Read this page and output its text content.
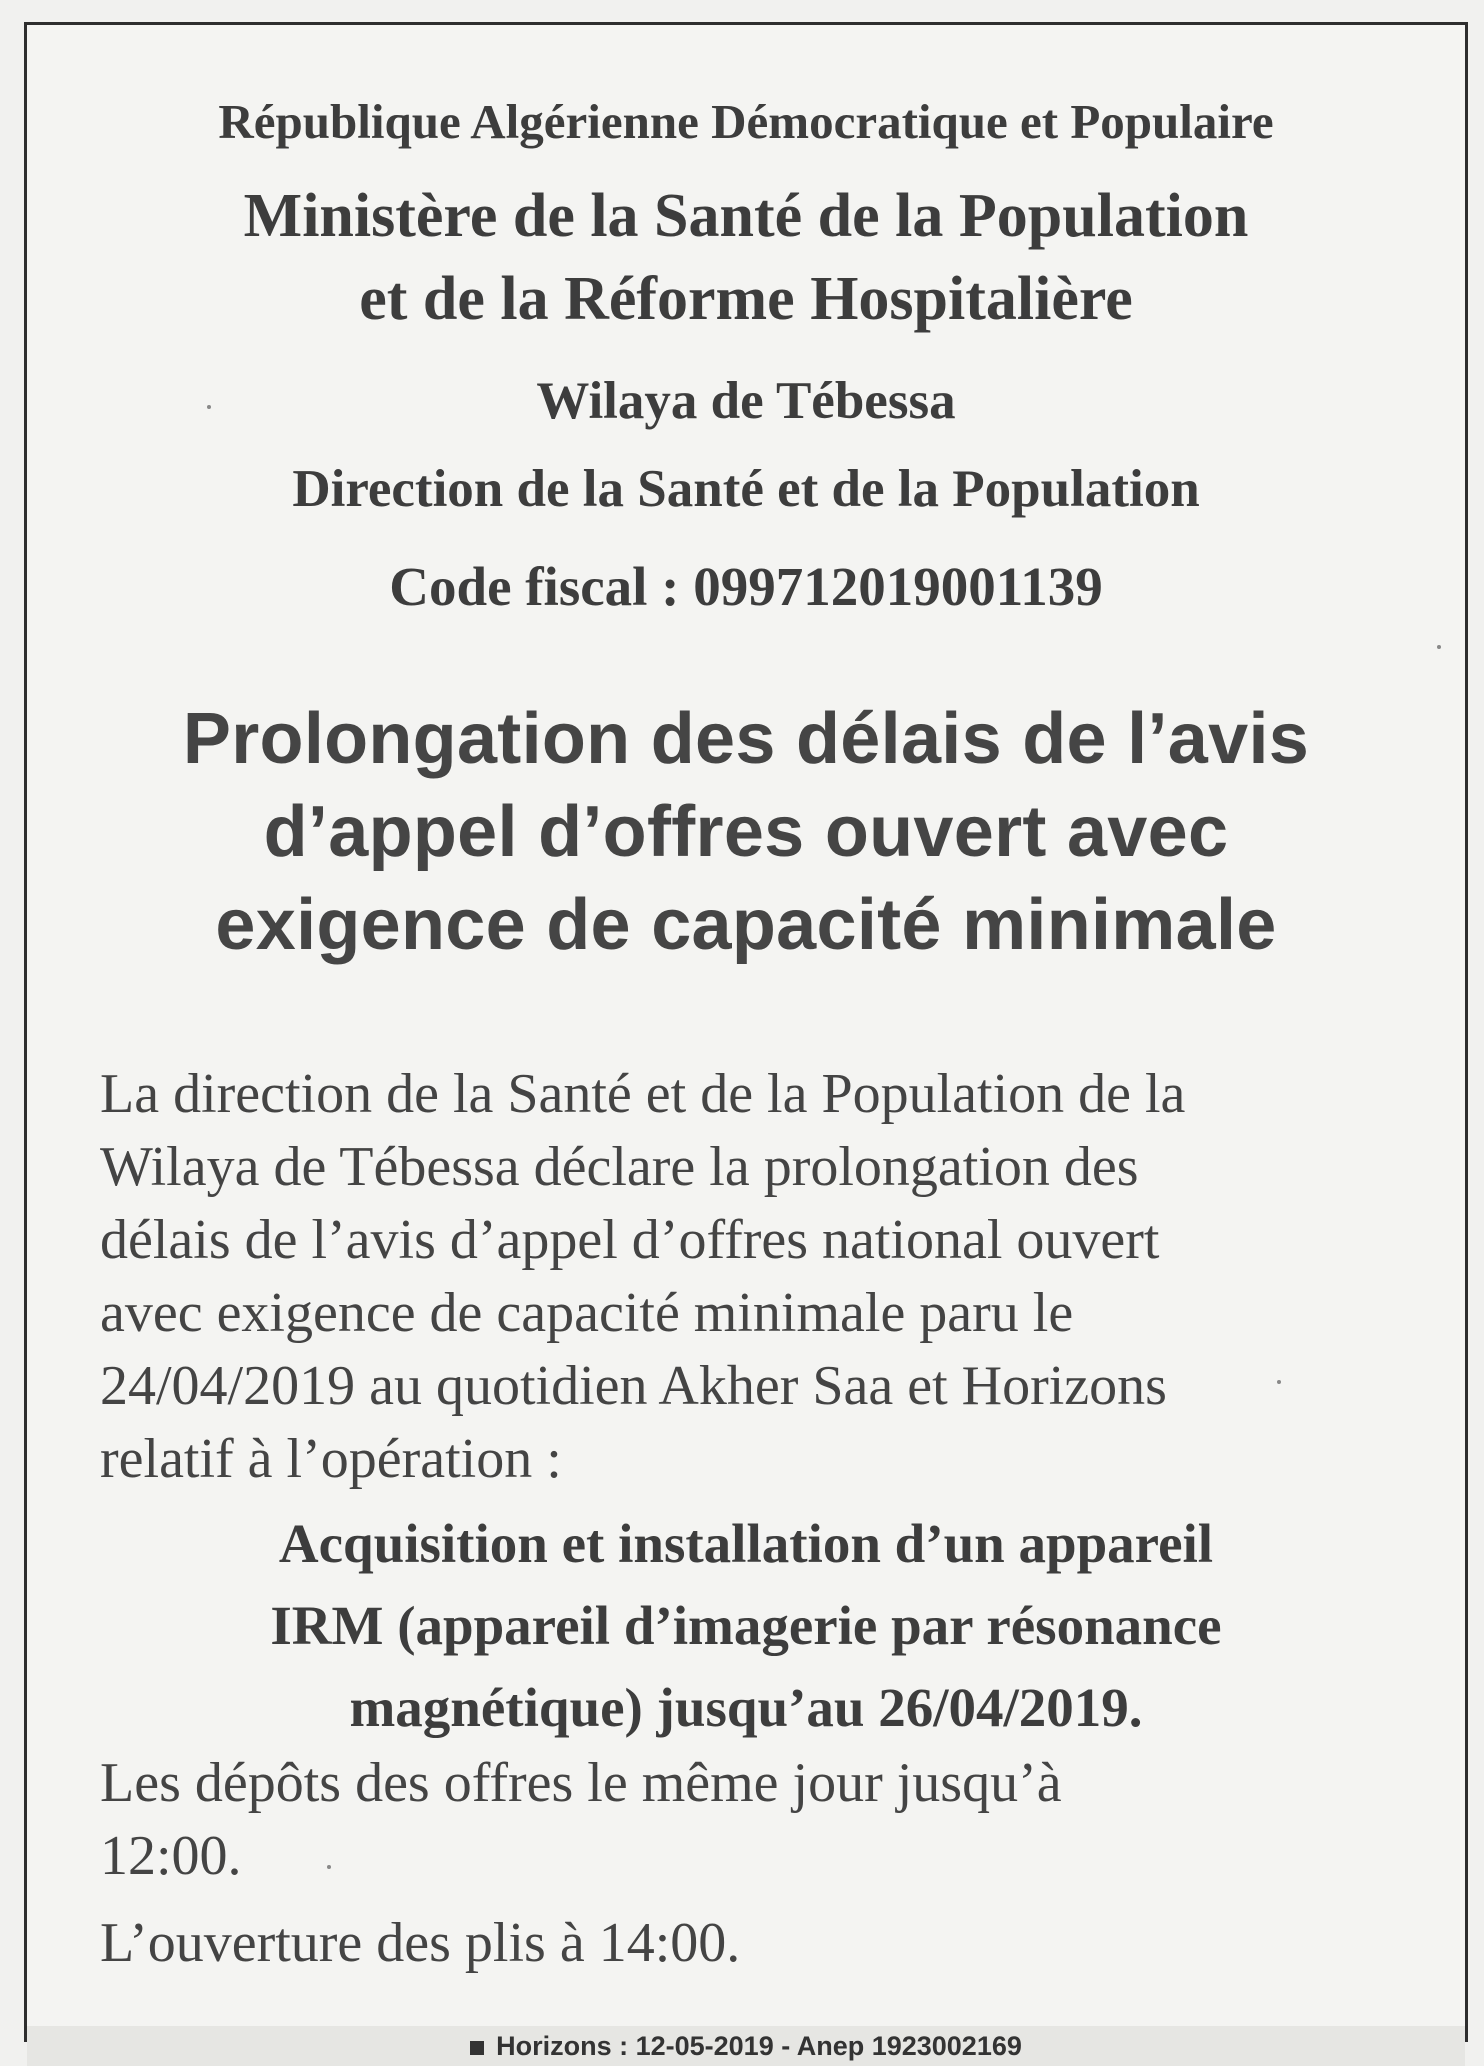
République Algérienne Démocratique et Populaire
Ministère de la Santé de la Population
et de la Réforme Hospitalière
Wilaya de Tébessa
Direction de la Santé et de la Population
Code fiscal : 099712019001139
Prolongation des délais de l’avis
d’appel d’offres ouvert avec
exigence de capacité minimale
La direction de la Santé et de la Population de la
Wilaya de Tébessa déclare la prolongation des
délais de l’avis d’appel d’offres national ouvert
avec exigence de capacité minimale paru le
24/04/2019 au quotidien Akher Saa et Horizons
relatif à l’opération :
Acquisition et installation d’un appareil
IRM (appareil d’imagerie par résonance
magnétique) jusqu’au 26/04/2019.
Les dépôts des offres le même jour jusqu’à
12:00.
L’ouverture des plis à 14:00.
Horizons : 12-05-2019 - Anep 1923002169
